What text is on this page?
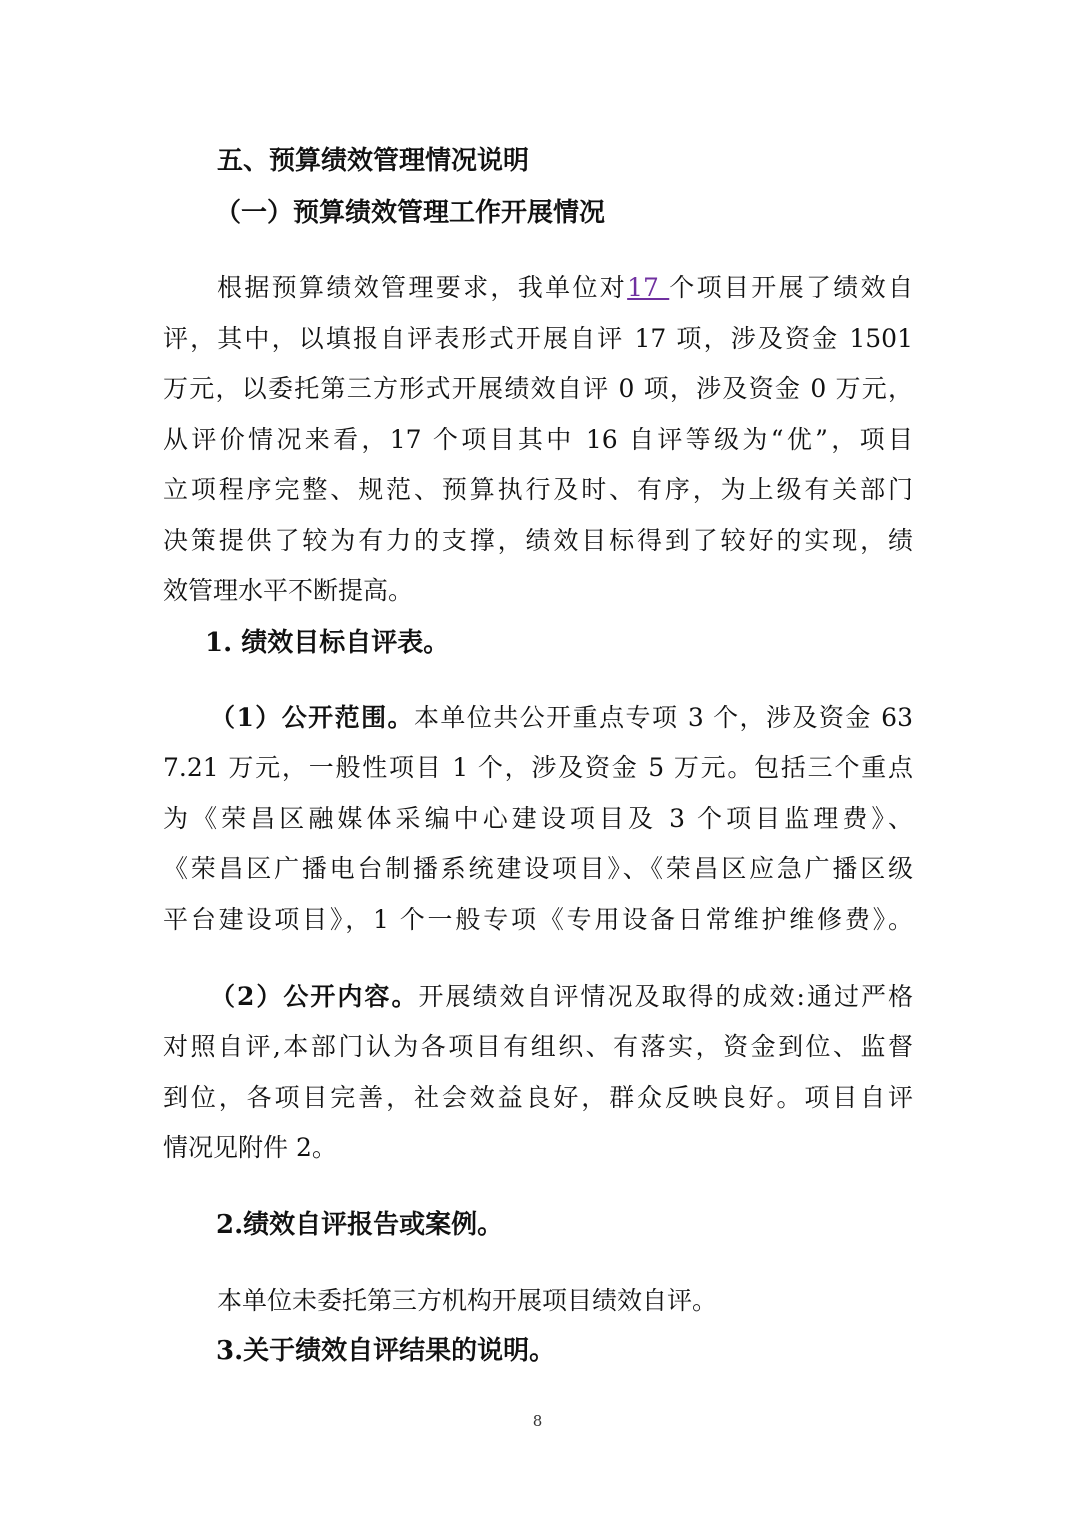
五、预算绩效管理情况说明
（一）预算绩效管理工作开展情况
根据预算绩效管理要求，我单位对17 个项目开展了绩效自
评，其中，以填报自评表形式开展自评 17 项，涉及资金 1501
万元，以委托第三方形式开展绩效自评 0 项，涉及资金 0 万元，
从评价情况来看，17 个项目其中 16 自评等级为“优”，项目
立项程序完整、规范、预算执行及时、有序，为上级有关部门
决策提供了较为有力的支撑，绩效目标得到了较好的实现，绩
效管理水平不断提高。
1. 绩效目标自评表。
（1）公开范围。本单位共公开重点专项 3 个，涉及资金 63
7.21 万元，一般性项目 1 个，涉及资金 5 万元。包括三个重点
为《荣昌区融媒体采编中心建设项目及 3 个项目监理费》、
《荣昌区广播电台制播系统建设项目》、《荣昌区应急广播区级
平台建设项目》，1 个一般专项《专用设备日常维护维修费》。
（2）公开内容。开展绩效自评情况及取得的成效:通过严格
对照自评,本部门认为各项目有组织、有落实，资金到位、监督
到位，各项目完善，社会效益良好，群众反映良好。项目自评
情况见附件 2。
2.绩效自评报告或案例。
本单位未委托第三方机构开展项目绩效自评。
3.关于绩效自评结果的说明。
8
